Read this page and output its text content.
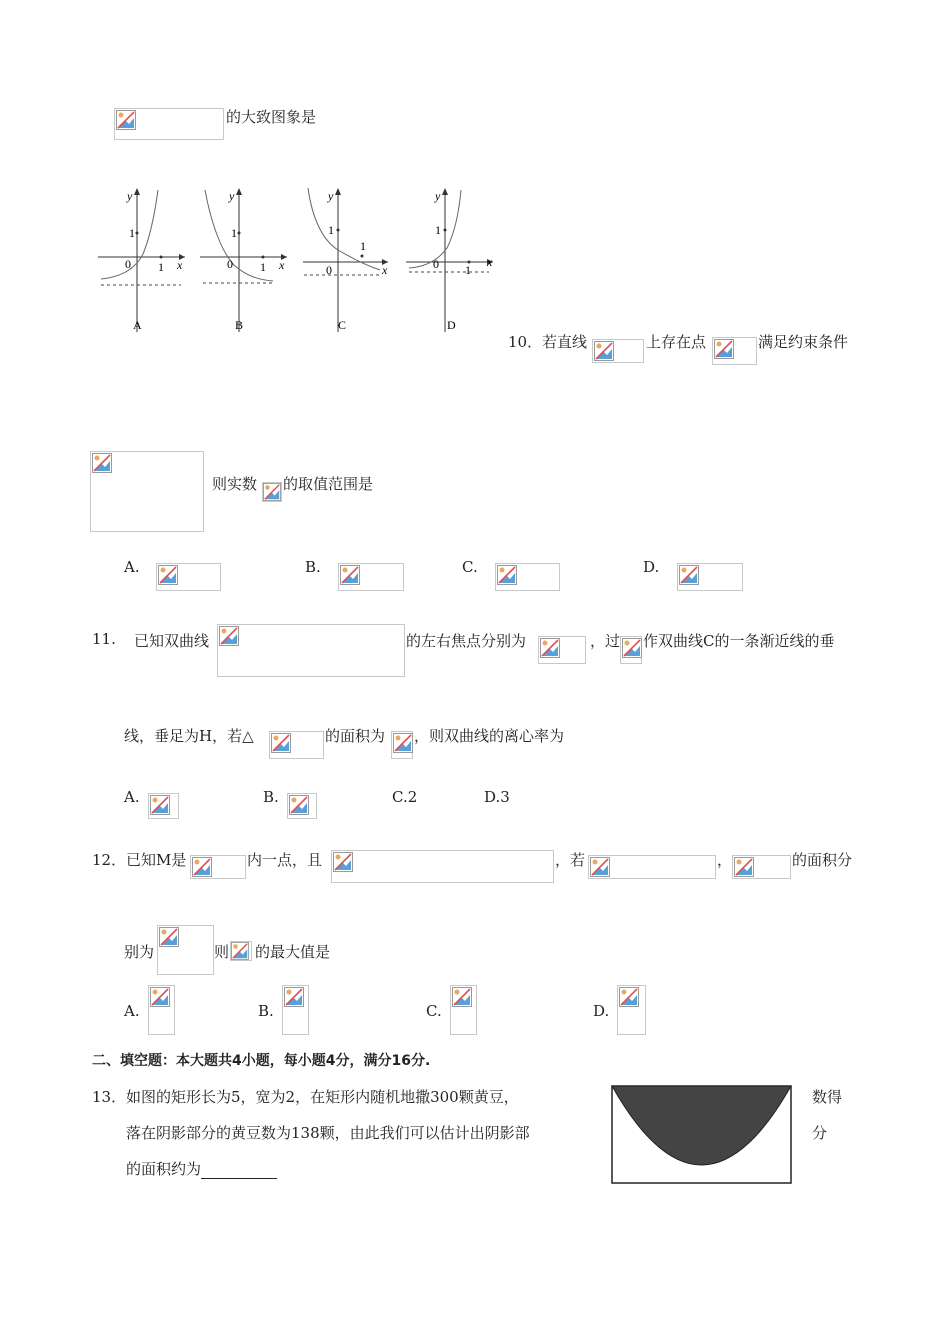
的大致图象是
y
x
0
1
1
A
y
x
0
1
1
B
y
x
0
1
1
C
y
x
0
1
1
D
10． 若直线	上存在点	满足约束条件
则实数 的取值范围是
A.	B.	C.	D.
11. 已知双曲线	的左右焦点分别为	，过 作双曲线C的一条渐近线的垂
线，垂足为H，若△	的面积为 ，则双曲线的离心率为
A.	B.	C.2	D.3
12． 已知M是	内一点，且	，若	，	的面积分
别为	则 的最大值是
A.	B.	C.	D.
二、填空题：本大题共4小题，每小题4分，满分16分.
13． 如图的矩形长为5，宽为2，在矩形内随机地撒300颗黄豆，
落在阴影部分的黄豆数为138颗，由此我们可以估计出阴影部
的面积约为
数得
分
